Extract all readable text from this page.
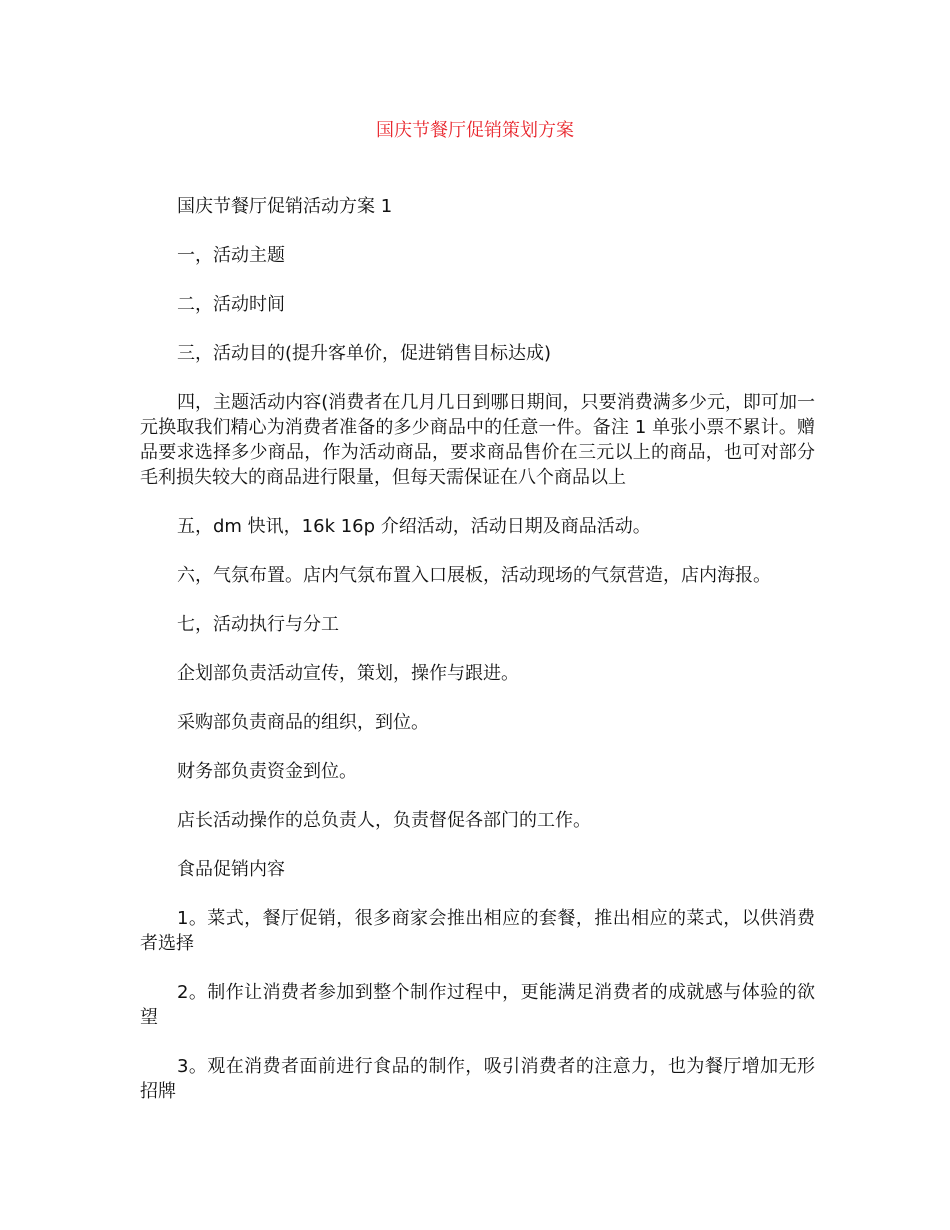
国庆节餐厅促销策划方案

国庆节餐厅促销活动方案 1

一，活动主题

二，活动时间

三，活动目的(提升客单价，促进销售目标达成)

四，主题活动内容(消费者在几月几日到哪日期间，只要消费满多少元，即可加一元换取我们精心为消费者准备的多少商品中的任意一件。备注 1 单张小票不累计。赠品要求选择多少商品，作为活动商品，要求商品售价在三元以上的商品，也可对部分毛利损失较大的商品进行限量，但每天需保证在八个商品以上

五，dm 快讯，16k 16p 介绍活动，活动日期及商品活动。

六，气氛布置。店内气氛布置入口展板，活动现场的气氛营造，店内海报。

七，活动执行与分工

企划部负责活动宣传，策划，操作与跟进。

采购部负责商品的组织，到位。

财务部负责资金到位。

店长活动操作的总负责人，负责督促各部门的工作。

食品促销内容

1。菜式，餐厅促销，很多商家会推出相应的套餐，推出相应的菜式，以供消费者选择

2。制作让消费者参加到整个制作过程中，更能满足消费者的成就感与体验的欲望

3。观在消费者面前进行食品的制作，吸引消费者的注意力，也为餐厅增加无形招牌
